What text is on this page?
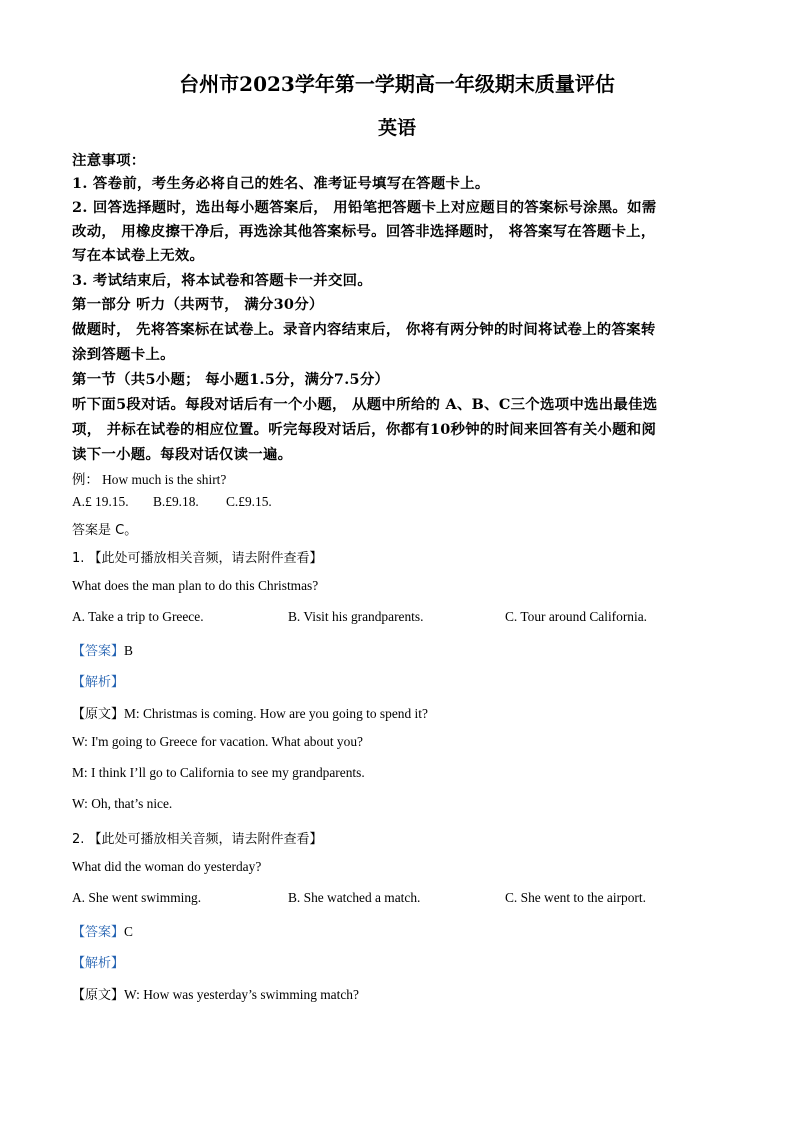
台州市2023学年第一学期高一年级期末质量评估
英语
注意事项：
1. 答卷前，考生务必将自己的姓名、准考证号填写在答题卡上。
2. 回答选择题时，选出每小题答案后， 用铅笔把答题卡上对应题目的答案标号涂黑。如需
改动， 用橡皮擦干净后，再选涂其他答案标号。回答非选择题时， 将答案写在答题卡上，
写在本试卷上无效。
3. 考试结束后，将本试卷和答题卡一并交回。
第一部分 听力（共两节， 满分30分）
做题时， 先将答案标在试卷上。录音内容结束后， 你将有两分钟的时间将试卷上的答案转
涂到答题卡上。
第一节（共5小题； 每小题1.5分，满分7.5分）
听下面5段对话。每段对话后有一个小题， 从题中所给的 A、B、C三个选项中选出最佳选
项， 并标在试卷的相应位置。听完每段对话后，你都有10秒钟的时间来回答有关小题和阅
读下一小题。每段对话仅读一遍。
例： How much is the shirt?
A.£ 19.15. B.£9.18. C.£9.15.
答案是 C。
1. 【此处可播放相关音频，请去附件查看】
What does the man plan to do this Christmas?
A. Take a trip to Greece.	B. Visit his grandparents.	C. Tour around California.
【答案】B
【解析】
【原文】M: Christmas is coming. How are you going to spend it?
W: I'm going to Greece for vacation. What about you?
M: I think I’ll go to California to see my grandparents.
W: Oh, that’s nice.
2. 【此处可播放相关音频，请去附件查看】
What did the woman do yesterday?
A. She went swimming.	B. She watched a match.	C. She went to the airport.
【答案】C
【解析】
【原文】W: How was yesterday’s swimming match?
